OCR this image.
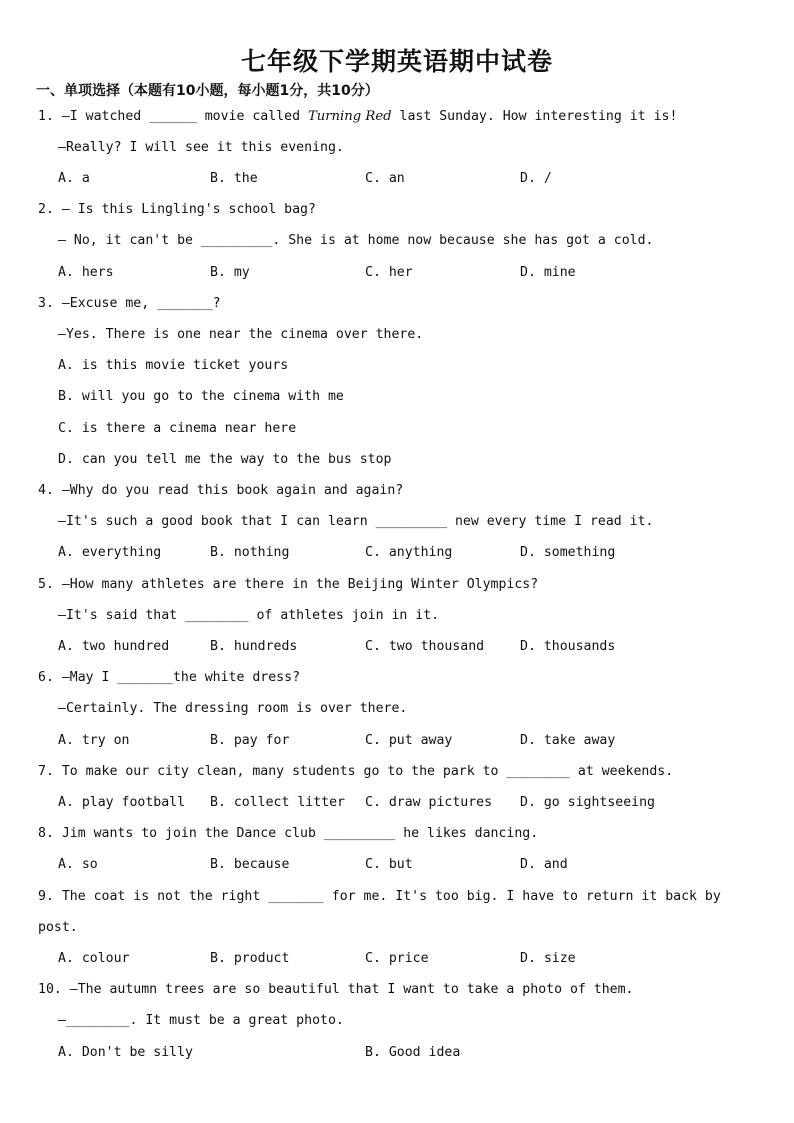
七年级下学期英语期中试卷
一、单项选择（本题有10小题，每小题1分，共10分）
1. —I watched ______ movie called Turning Red last Sunday. How interesting it is!
—Really? I will see it this evening.
A. a	B. the	C. an	D. /
2. — Is this Lingling's school bag?
— No, it can't be _________. She is at home now because she has got a cold.
A. hers	B. my	C. her	D. mine
3. —Excuse me, _______?
—Yes. There is one near the cinema over there.
A. is this movie ticket yours
B. will you go to the cinema with me
C. is there a cinema near here
D. can you tell me the way to the bus stop
4. —Why do you read this book again and again?
—It's such a good book that I can learn _________ new every time I read it.
A. everything	B. nothing	C. anything	D. something
5. —How many athletes are there in the Beijing Winter Olympics?
—It's said that ________ of athletes join in it.
A. two hundred	B. hundreds	C. two thousand	D. thousands
6. —May I _______the white dress?
—Certainly. The dressing room is over there.
A. try on	B. pay for	C. put away	D. take away
7. To make our city clean, many students go to the park to ________ at weekends.
A. play football B. collect litter C. draw pictures D. go sightseeing
8. Jim wants to join the Dance club _________ he likes dancing.
A. so	B. because	C. but	D. and
9. The coat is not the right _______ for me. It's too big. I have to return it back by
post.
A. colour	B. product	C. price	D. size
10. —The autumn trees are so beautiful that I want to take a photo of them.
—________. It must be a great photo.
A. Don't be silly	B. Good idea
